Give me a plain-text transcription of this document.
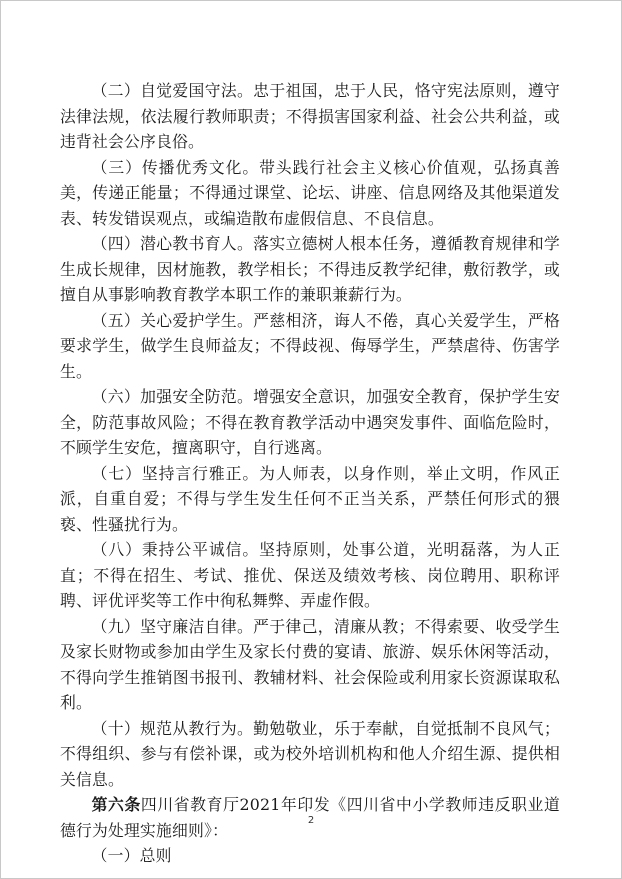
（二）自觉爱国守法。忠于祖国，忠于人民，恪守宪法原则，遵守法律法规，依法履行教师职责；不得损害国家利益、社会公共利益，或违背社会公序良俗。

（三）传播优秀文化。带头践行社会主义核心价值观，弘扬真善美，传递正能量；不得通过课堂、论坛、讲座、信息网络及其他渠道发表、转发错误观点，或编造散布虚假信息、不良信息。

（四）潜心教书育人。落实立德树人根本任务，遵循教育规律和学生成长规律，因材施教，教学相长；不得违反教学纪律，敷衍教学，或擅自从事影响教育教学本职工作的兼职兼薪行为。

（五）关心爱护学生。严慈相济，诲人不倦，真心关爱学生，严格要求学生，做学生良师益友；不得歧视、侮辱学生，严禁虐待、伤害学生。

（六）加强安全防范。增强安全意识，加强安全教育，保护学生安全，防范事故风险；不得在教育教学活动中遇突发事件、面临危险时，不顾学生安危，擅离职守，自行逃离。

（七）坚持言行雅正。为人师表，以身作则，举止文明，作风正派，自重自爱；不得与学生发生任何不正当关系，严禁任何形式的猥亵、性骚扰行为。

（八）秉持公平诚信。坚持原则，处事公道，光明磊落，为人正直；不得在招生、考试、推优、保送及绩效考核、岗位聘用、职称评聘、评优评奖等工作中徇私舞弊、弄虚作假。

（九）坚守廉洁自律。严于律己，清廉从教；不得索要、收受学生及家长财物或参加由学生及家长付费的宴请、旅游、娱乐休闲等活动，不得向学生推销图书报刊、教辅材料、社会保险或利用家长资源谋取私利。

（十）规范从教行为。勤勉敬业，乐于奉献，自觉抵制不良风气；不得组织、参与有偿补课，或为校外培训机构和他人介绍生源、提供相关信息。

第六条四川省教育厅2021年印发《四川省中小学教师违反职业道德行为处理实施细则》：

（一）总则

2
